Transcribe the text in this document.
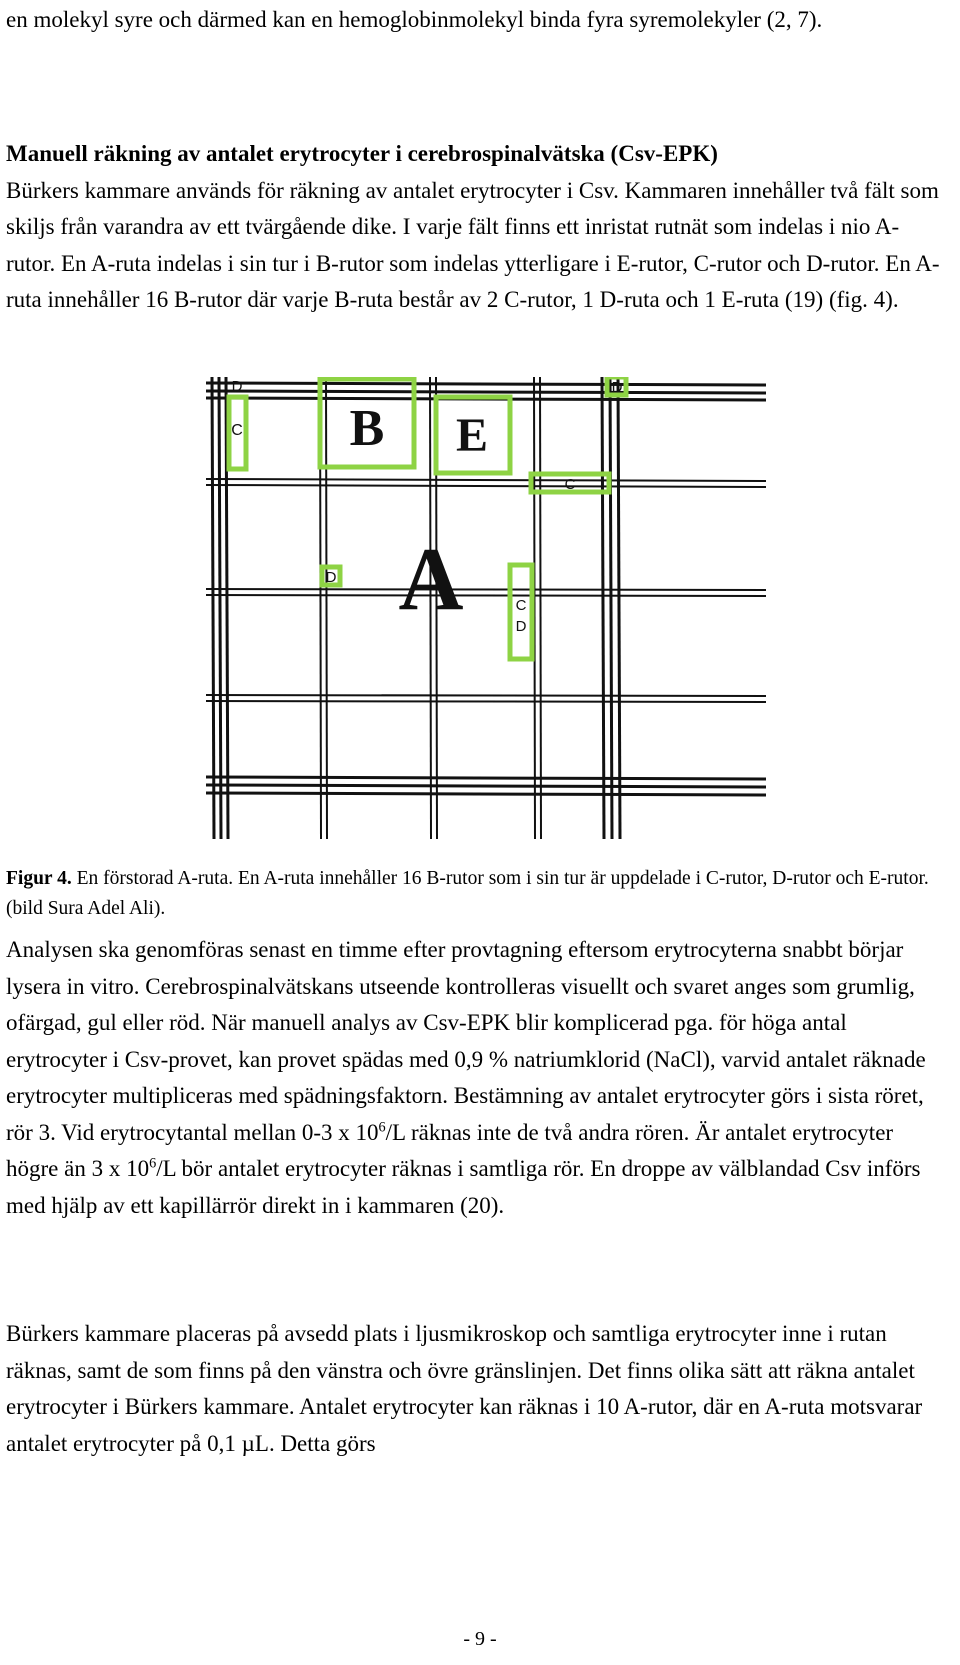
en molekyl syre och därmed kan en hemoglobinmolekyl binda fyra syremolekyler (2, 7).

Manuell räkning av antalet erytrocyter i cerebrospinalvätska (Csv-EPK)
Bürkers kammare används för räkning av antalet erytrocyter i Csv. Kammaren innehåller två fält som skiljs från varandra av ett tvärgående dike. I varje fält finns ett inristat rutnät som indelas i nio A-rutor. En A-ruta indelas i sin tur i B-rutor som indelas ytterligare i E-rutor, C-rutor och D-rutor. En A-ruta innehåller 16 B-rutor där varje B-ruta består av 2 C-rutor, 1 D-ruta och 1 E-ruta (19) (fig. 4).
B E
A
D
C
C
D
D
C
D

Figur 4. En förstorad A-ruta. En A-ruta innehåller 16 B-rutor som i sin tur är uppdelade i C-rutor, D-rutor och E-rutor. (bild Sura Adel Ali).

Analysen ska genomföras senast en timme efter provtagning eftersom erytrocyterna snabbt börjar lysera in vitro. Cerebrospinalvätskans utseende kontrolleras visuellt och svaret anges som grumlig, ofärgad, gul eller röd. När manuell analys av Csv-EPK blir komplicerad pga. för höga antal erytrocyter i Csv-provet, kan provet spädas med 0,9 % natriumklorid (NaCl), varvid antalet räknade erytrocyter multipliceras med spädningsfaktorn. Bestämning av antalet erytrocyter görs i sista röret, rör 3. Vid erytrocytantal mellan 0-3 x $10^6/L$ räknas inte de två andra rören. Är antalet erytrocyter högre än 3 x $10^6/L$ bör antalet erytrocyter räknas i samtliga rör. En droppe av välblandad Csv införs med hjälp av ett kapillärrör direkt in i kammaren (20).

Bürkers kammare placeras på avsedd plats i ljusmikroskop och samtliga erytrocyter inne i rutan räknas, samt de som finns på den vänstra och övre gränslinjen. Det finns olika sätt att räkna antalet erytrocyter i Bürkers kammare. Antalet erytrocyter kan räknas i 10 A-rutor, där en A-ruta motsvarar antalet erytrocyter på 0,1 µL. Detta görs

- 9 -
